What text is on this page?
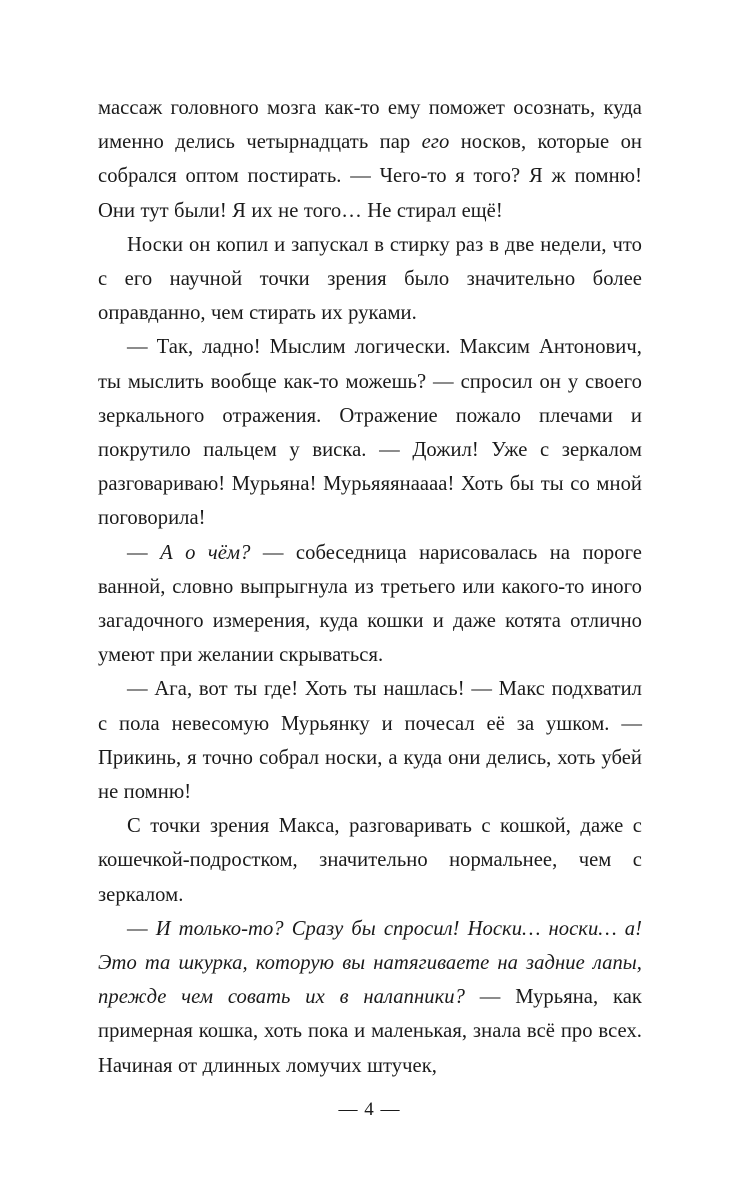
массаж головного мозга как-то ему поможет осознать, куда именно делись четырнадцать пар его носков, которые он собрался оптом постирать. — Чего-то я того? Я ж помню! Они тут были! Я их не того… Не стирал ещё!

Носки он копил и запускал в стирку раз в две недели, что с его научной точки зрения было значительно более оправданно, чем стирать их руками.

— Так, ладно! Мыслим логически. Максим Антонович, ты мыслить вообще как-то можешь? — спросил он у своего зеркального отражения. Отражение пожало плечами и покрутило пальцем у виска. — Дожил! Уже с зеркалом разговариваю! Мурьяна! Мурьяяянаааа! Хоть бы ты со мной поговорила!

— А о чём? — собеседница нарисовалась на пороге ванной, словно выпрыгнула из третьего или какого-то иного загадочного измерения, куда кошки и даже котята отлично умеют при желании скрываться.

— Ага, вот ты где! Хоть ты нашлась! — Макс подхватил с пола невесомую Мурьянку и почесал её за ушком. — Прикинь, я точно собрал носки, а куда они делись, хоть убей не помню!

С точки зрения Макса, разговаривать с кошкой, даже с кошечкой-подростком, значительно нормальнее, чем с зеркалом.

— И только-то? Сразу бы спросил! Носки… носки… а! Это та шкурка, которую вы натягиваете на задние лапы, прежде чем совать их в налапники? — Мурьяна, как примерная кошка, хоть пока и маленькая, знала всё про всех. Начиная от длинных ломучих штучек,

— 4 —
